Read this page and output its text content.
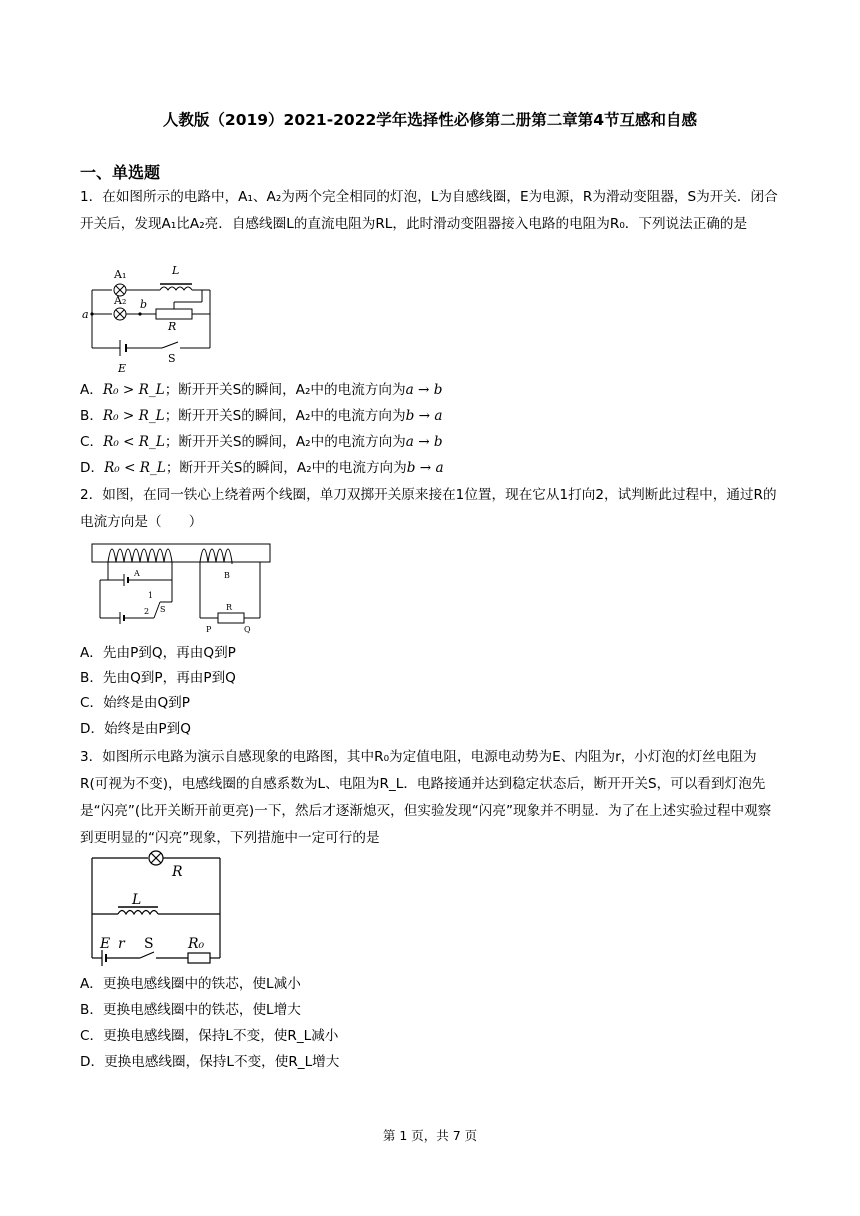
人教版（2019）2021-2022学年选择性必修第二册第二章第4节互感和自感
一、单选题
1．在如图所示的电路中，A₁、A₂为两个完全相同的灯泡，L为自感线圈，E为电源，R为滑动变阻器，S为开关．闭合开关后，发现A₁比A₂亮．自感线圈L的直流电阻为RL，此时滑动变阻器接入电路的电阻为R₀．下列说法正确的是
A₁	L
A₂ b
a
R
S
E
A．R₀ > R_L；断开开关S的瞬间，A₂中的电流方向为a → b
B．R₀ > R_L；断开开关S的瞬间，A₂中的电流方向为b → a
C．R₀ < R_L；断开开关S的瞬间，A₂中的电流方向为a → b
D．R₀ < R_L；断开开关S的瞬间，A₂中的电流方向为b → a
2．如图，在同一铁心上绕着两个线圈，单刀双掷开关原来接在1位置，现在它从1打向2，试判断此过程中，通过R的电流方向是（　　）
A	B
1
2 S	R
P	Q
A．先由P到Q，再由Q到P
B．先由Q到P，再由P到Q
C．始终是由Q到P
D．始终是由P到Q
3．如图所示电路为演示自感现象的电路图，其中R₀为定值电阻，电源电动势为E、内阻为r，小灯泡的灯丝电阻为R(可视为不变)，电感线圈的自感系数为L、电阻为R_L．电路接通并达到稳定状态后，断开开关S，可以看到灯泡先是“闪亮”(比开关断开前更亮)一下，然后才逐渐熄灭，但实验发现“闪亮”现象并不明显．为了在上述实验过程中观察到更明显的“闪亮”现象，下列措施中一定可行的是
R
L
E r S R₀
A．更换电感线圈中的铁芯，使L减小
B．更换电感线圈中的铁芯，使L增大
C．更换电感线圈，保持L不变，使R_L减小
D．更换电感线圈，保持L不变，使R_L增大
第 1 页，共 7 页
